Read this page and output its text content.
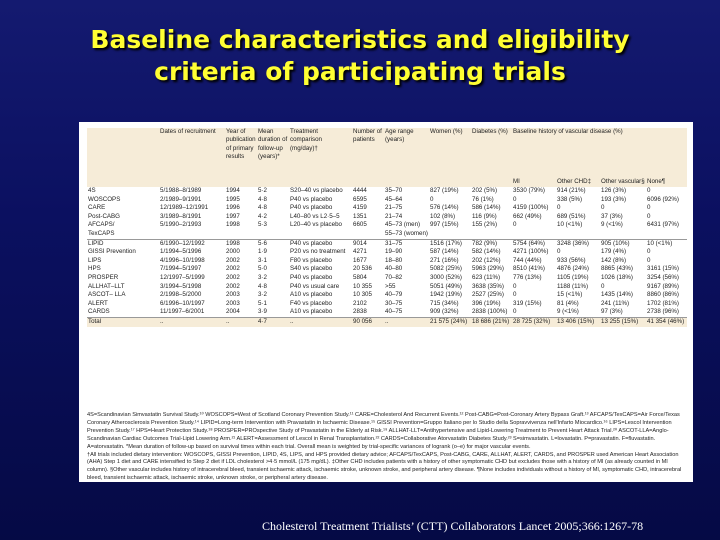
Baseline characteristics and eligibility
criteria of participating trials
	Dates of recruitment	Year of publication of primary results	Mean duration of follow-up (years)*	Treatment comparison (mg/day)†	Number of patients	Age range (years)	Women (%)	Diabetes (%)	Baseline history of vascular disease (%)			
									MI	Other CHD‡	Other vascular§	None¶
4S	5/1988–8/1989	1994	5·2	S20–40 vs placebo	4444	35–70	827 (19%)	202 (5%)	3530 (79%)	914 (21%)	126 (3%)	0
WOSCOPS	2/1989–9/1991	1995	4·8	P40 vs placebo	6595	45–64	0	76 (1%)	0	338 (5%)	193 (3%)	6096 (92%)
CARE	12/1989–12/1991	1996	4·8	P40 vs placebo	4159	21–75	576 (14%)	586 (14%)	4159 (100%)	0	0	0
Post-CABG	3/1989–8/1991	1997	4·2	L40–80 vs L2·5–5	1351	21–74	102 (8%)	116 (9%)	662 (49%)	689 (51%)	37 (3%)	0
AFCAPS/	5/1990–2/1993	1998	5·3	L20–40 vs placebo	6605	45–73 (men)	997 (15%)	155 (2%)	0	10 (<1%)	9 (<1%)	6431 (97%)
TexCAPS						55–73 (women)						
LIPID	6/1990–12/1992	1998	5·6	P40 vs placebo	9014	31–75	1516 (17%)	782 (9%)	5754 (64%)	3248 (36%)	905 (10%)	10 (<1%)
GISSI Prevention	1/1994–5/1996	2000	1·9	P20 vs no treatment	4271	19–90	587 (14%)	582 (14%)	4271 (100%)	0	179 (4%)	0
LIPS	4/1996–10/1998	2002	3·1	F80 vs placebo	1677	18–80	271 (16%)	202 (12%)	744 (44%)	933 (56%)	142 (8%)	0
HPS	7/1994–5/1997	2002	5·0	S40 vs placebo	20 536	40–80	5082 (25%)	5963 (29%)	8510 (41%)	4876 (24%)	8865 (43%)	3161 (15%)
PROSPER	12/1997–5/1999	2002	3·2	P40 vs placebo	5804	70–82	3000 (52%)	623 (11%)	776 (13%)	1105 (19%)	1026 (18%)	3254 (56%)
ALLHAT–LLT	3/1994–5/1998	2002	4·8	P40 vs usual care	10 355	>55	5051 (49%)	3638 (35%)	0	1188 (11%)	0	9167 (89%)
ASCOT– LLA	2/1998–5/2000	2003	3·2	A10 vs placebo	10 305	40–79	1942 (19%)	2527 (25%)	0	15 (<1%)	1435 (14%)	8860 (86%)
ALERT	6/1996–10/1997	2003	5·1	F40 vs placebo	2102	30–75	715 (34%)	396 (19%)	319 (15%)	81 (4%)	241 (11%)	1702 (81%)
CARDS	11/1997–6/2001	2004	3·9	A10 vs placebo	2838	40–75	909 (32%)	2838 (100%)	0	9 (<1%)	97 (3%)	2738 (96%)
Total	..	..	4·7	..	90 056	..	21 575 (24%)	18 686 (21%)	28 725 (32%)	13 406 (15%)	13 255 (15%)	41 354 (46%)
4S=Scandinavian Simvastatin Survival Study.¹⁰ WOSCOPS=West of Scotland Coronary Prevention Study.¹¹ CARE=Cholesterol And Recurrent Events.¹² Post-CABG=Post-Coronary Artery Bypass Graft.¹³ AFCAPS/TexCAPS=Air Force/Texas Coronary Atherosclerosis Prevention Study.¹⁴ LIPID=Long-term Intervention with Pravastatin in Ischaemic Disease.¹⁵ GISSI Prevention=Gruppo Italiano per lo Studio della Sopravvivenza nell'Infarto Miocardico.¹⁶ LIPS=Lescol Intervention Prevention Study.¹⁷ HPS=Heart Protection Study.¹⁸ PROSPER=PROspective Study of Pravastatin in the Elderly at Risk.¹⁹ ALLHAT-LLT=Antihypertensive and Lipid-Lowering Treatment to Prevent Heart Attack Trial.²⁰ ASCOT-LLA=Anglo-Scandinavian Cardiac Outcomes Trial-Lipid Lowering Arm.²¹ ALERT=Assessment of Lescol in Renal Transplantation.²² CARDS=Collaborative Atorvastatin Diabetes Study.²³ S=simvastatin. L=lovastatin. P=pravastatin. F=fluvastatin. A=atorvastatin. *Mean duration of follow-up based on survival times within each trial. Overall mean is weighted by trial-specific variances of logrank (o–e) for major vascular events.
†All trials included dietary intervention: WOSCOPS, GISSI Prevention, LIPID, 4S, LIPS, and HPS provided dietary advice; AFCAPS/TexCAPS, Post-CABG, CARE, ALLHAT, ALERT, CARDS, and PROSPER used American Heart Association (AHA) Step 1 diet and CARE intensified to Step 2 diet if LDL cholesterol >4·5 mmol/L (175 mg/dL). ‡Other CHD includes patients with a history of other symptomatic CHD but excludes those with a history of MI (as already counted in MI column). §Other vascular includes history of intracerebral bleed, transient ischaemic attack, ischaemic stroke, unknown stroke, and peripheral artery disease. ¶None includes individuals without a history of MI, symptomatic CHD, intracerebral bleed, transient ischaemic attack, ischaemic stroke, unknown stroke, or peripheral artery disease.
Cholesterol Treatment Trialists’ (CTT) Collaborators Lancet 2005;366:1267-78
